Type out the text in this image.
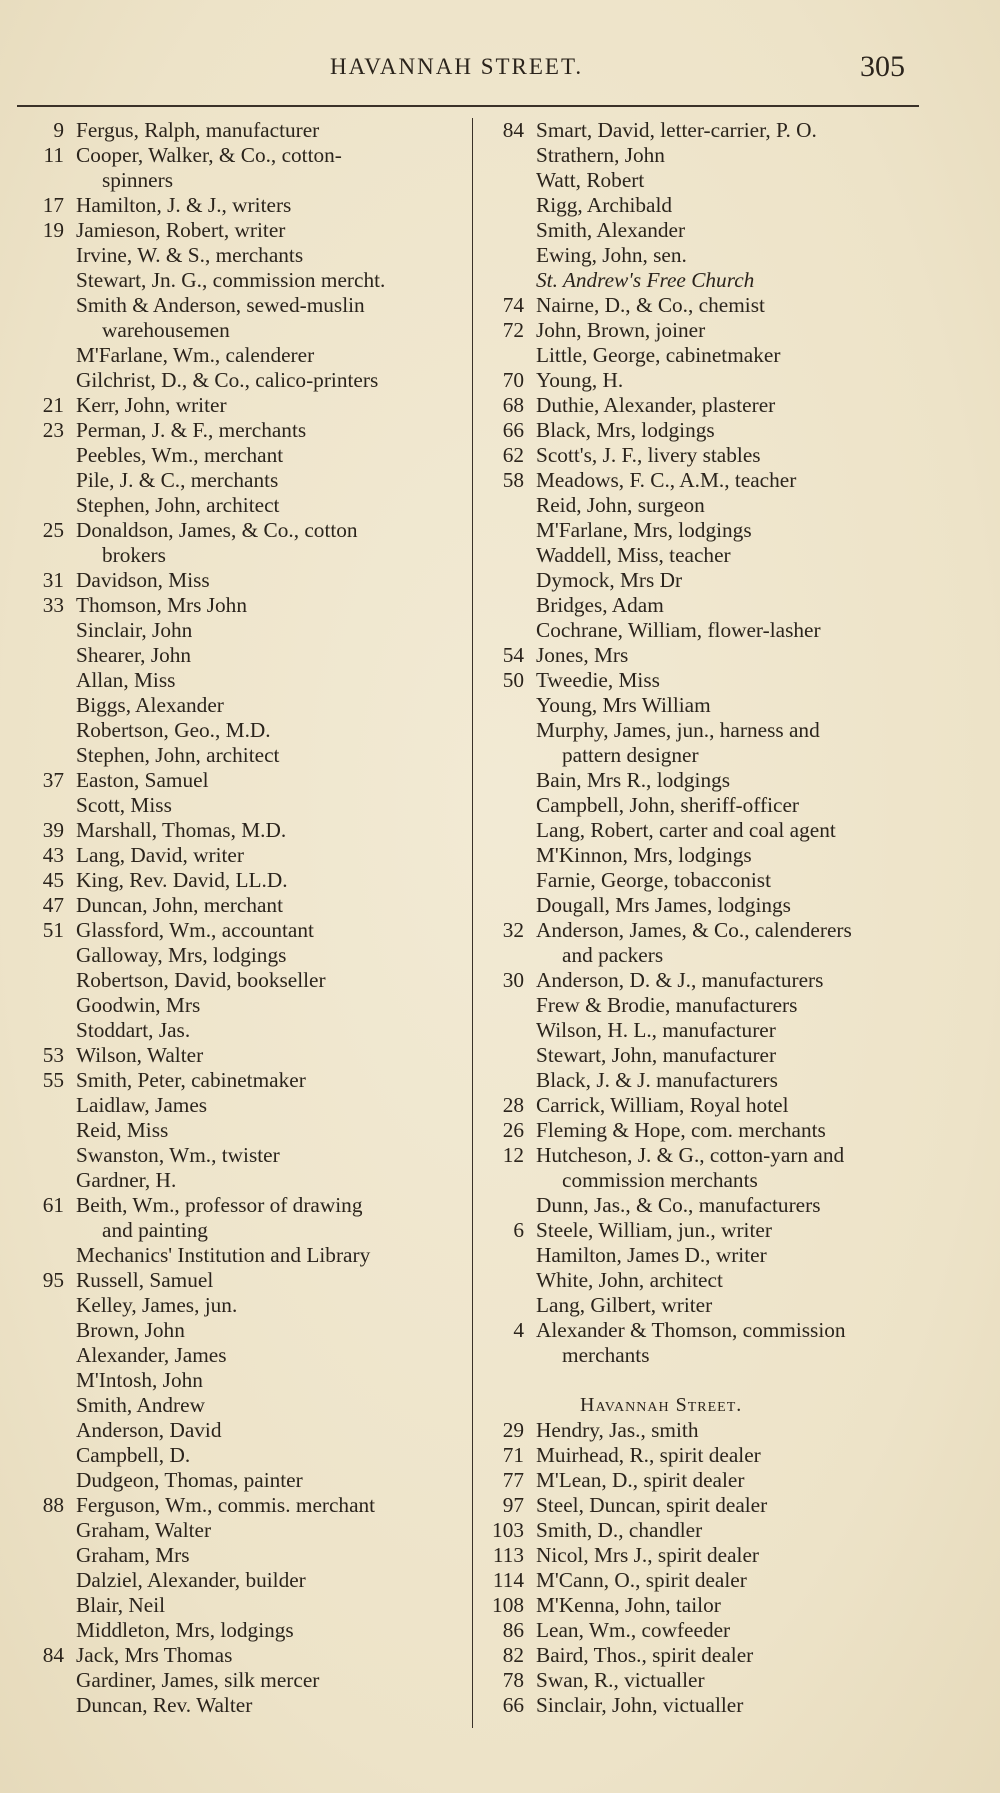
HAVANNAH STREET.	305
9 Fergus, Ralph, manufacturer
11 Cooper, Walker, & Co., cotton-
spinners
17 Hamilton, J. & J., writers
19 Jamieson, Robert, writer
Irvine, W. & S., merchants
Stewart, Jn. G., commission mercht.
Smith & Anderson, sewed-muslin
warehousemen
M'Farlane, Wm., calenderer
Gilchrist, D., & Co., calico-printers
21 Kerr, John, writer
23 Perman, J. & F., merchants
Peebles, Wm., merchant
Pile, J. & C., merchants
Stephen, John, architect
25 Donaldson, James, & Co., cotton
brokers
31 Davidson, Miss
33 Thomson, Mrs John
Sinclair, John
Shearer, John
Allan, Miss
Biggs, Alexander
Robertson, Geo., M.D.
Stephen, John, architect
37 Easton, Samuel
Scott, Miss
39 Marshall, Thomas, M.D.
43 Lang, David, writer
45 King, Rev. David, LL.D.
47 Duncan, John, merchant
51 Glassford, Wm., accountant
Galloway, Mrs, lodgings
Robertson, David, bookseller
Goodwin, Mrs
Stoddart, Jas.
53 Wilson, Walter
55 Smith, Peter, cabinetmaker
Laidlaw, James
Reid, Miss
Swanston, Wm., twister
Gardner, H.
61 Beith, Wm., professor of drawing
and painting
Mechanics' Institution and Library
95 Russell, Samuel
Kelley, James, jun.
Brown, John
Alexander, James
M'Intosh, John
Smith, Andrew
Anderson, David
Campbell, D.
Dudgeon, Thomas, painter
88 Ferguson, Wm., commis. merchant
Graham, Walter
Graham, Mrs
Dalziel, Alexander, builder
Blair, Neil
Middleton, Mrs, lodgings
84 Jack, Mrs Thomas
Gardiner, James, silk mercer
Duncan, Rev. Walter
84 Smart, David, letter-carrier, P. O.
Strathern, John
Watt, Robert
Rigg, Archibald
Smith, Alexander
Ewing, John, sen.
St. Andrew's Free Church
74 Nairne, D., & Co., chemist
72 John, Brown, joiner
Little, George, cabinetmaker
70 Young, H.
68 Duthie, Alexander, plasterer
66 Black, Mrs, lodgings
62 Scott's, J. F., livery stables
58 Meadows, F. C., A.M., teacher
Reid, John, surgeon
M'Farlane, Mrs, lodgings
Waddell, Miss, teacher
Dymock, Mrs Dr
Bridges, Adam
Cochrane, William, flower-lasher
54 Jones, Mrs
50 Tweedie, Miss
Young, Mrs William
Murphy, James, jun., harness and
pattern designer
Bain, Mrs R., lodgings
Campbell, John, sheriff-officer
Lang, Robert, carter and coal agent
M'Kinnon, Mrs, lodgings
Farnie, George, tobacconist
Dougall, Mrs James, lodgings
32 Anderson, James, & Co., calenderers
and packers
30 Anderson, D. & J., manufacturers
Frew & Brodie, manufacturers
Wilson, H. L., manufacturer
Stewart, John, manufacturer
Black, J. & J. manufacturers
28 Carrick, William, Royal hotel
26 Fleming & Hope, com. merchants
12 Hutcheson, J. & G., cotton-yarn and
commission merchants
Dunn, Jas., & Co., manufacturers
6 Steele, William, jun., writer
Hamilton, James D., writer
White, John, architect
Lang, Gilbert, writer
4 Alexander & Thomson, commission
merchants
Havannah Street.
29 Hendry, Jas., smith
71 Muirhead, R., spirit dealer
77 M'Lean, D., spirit dealer
97 Steel, Duncan, spirit dealer
103 Smith, D., chandler
113 Nicol, Mrs J., spirit dealer
114 M'Cann, O., spirit dealer
108 M'Kenna, John, tailor
86 Lean, Wm., cowfeeder
82 Baird, Thos., spirit dealer
78 Swan, R., victualler
66 Sinclair, John, victualler
